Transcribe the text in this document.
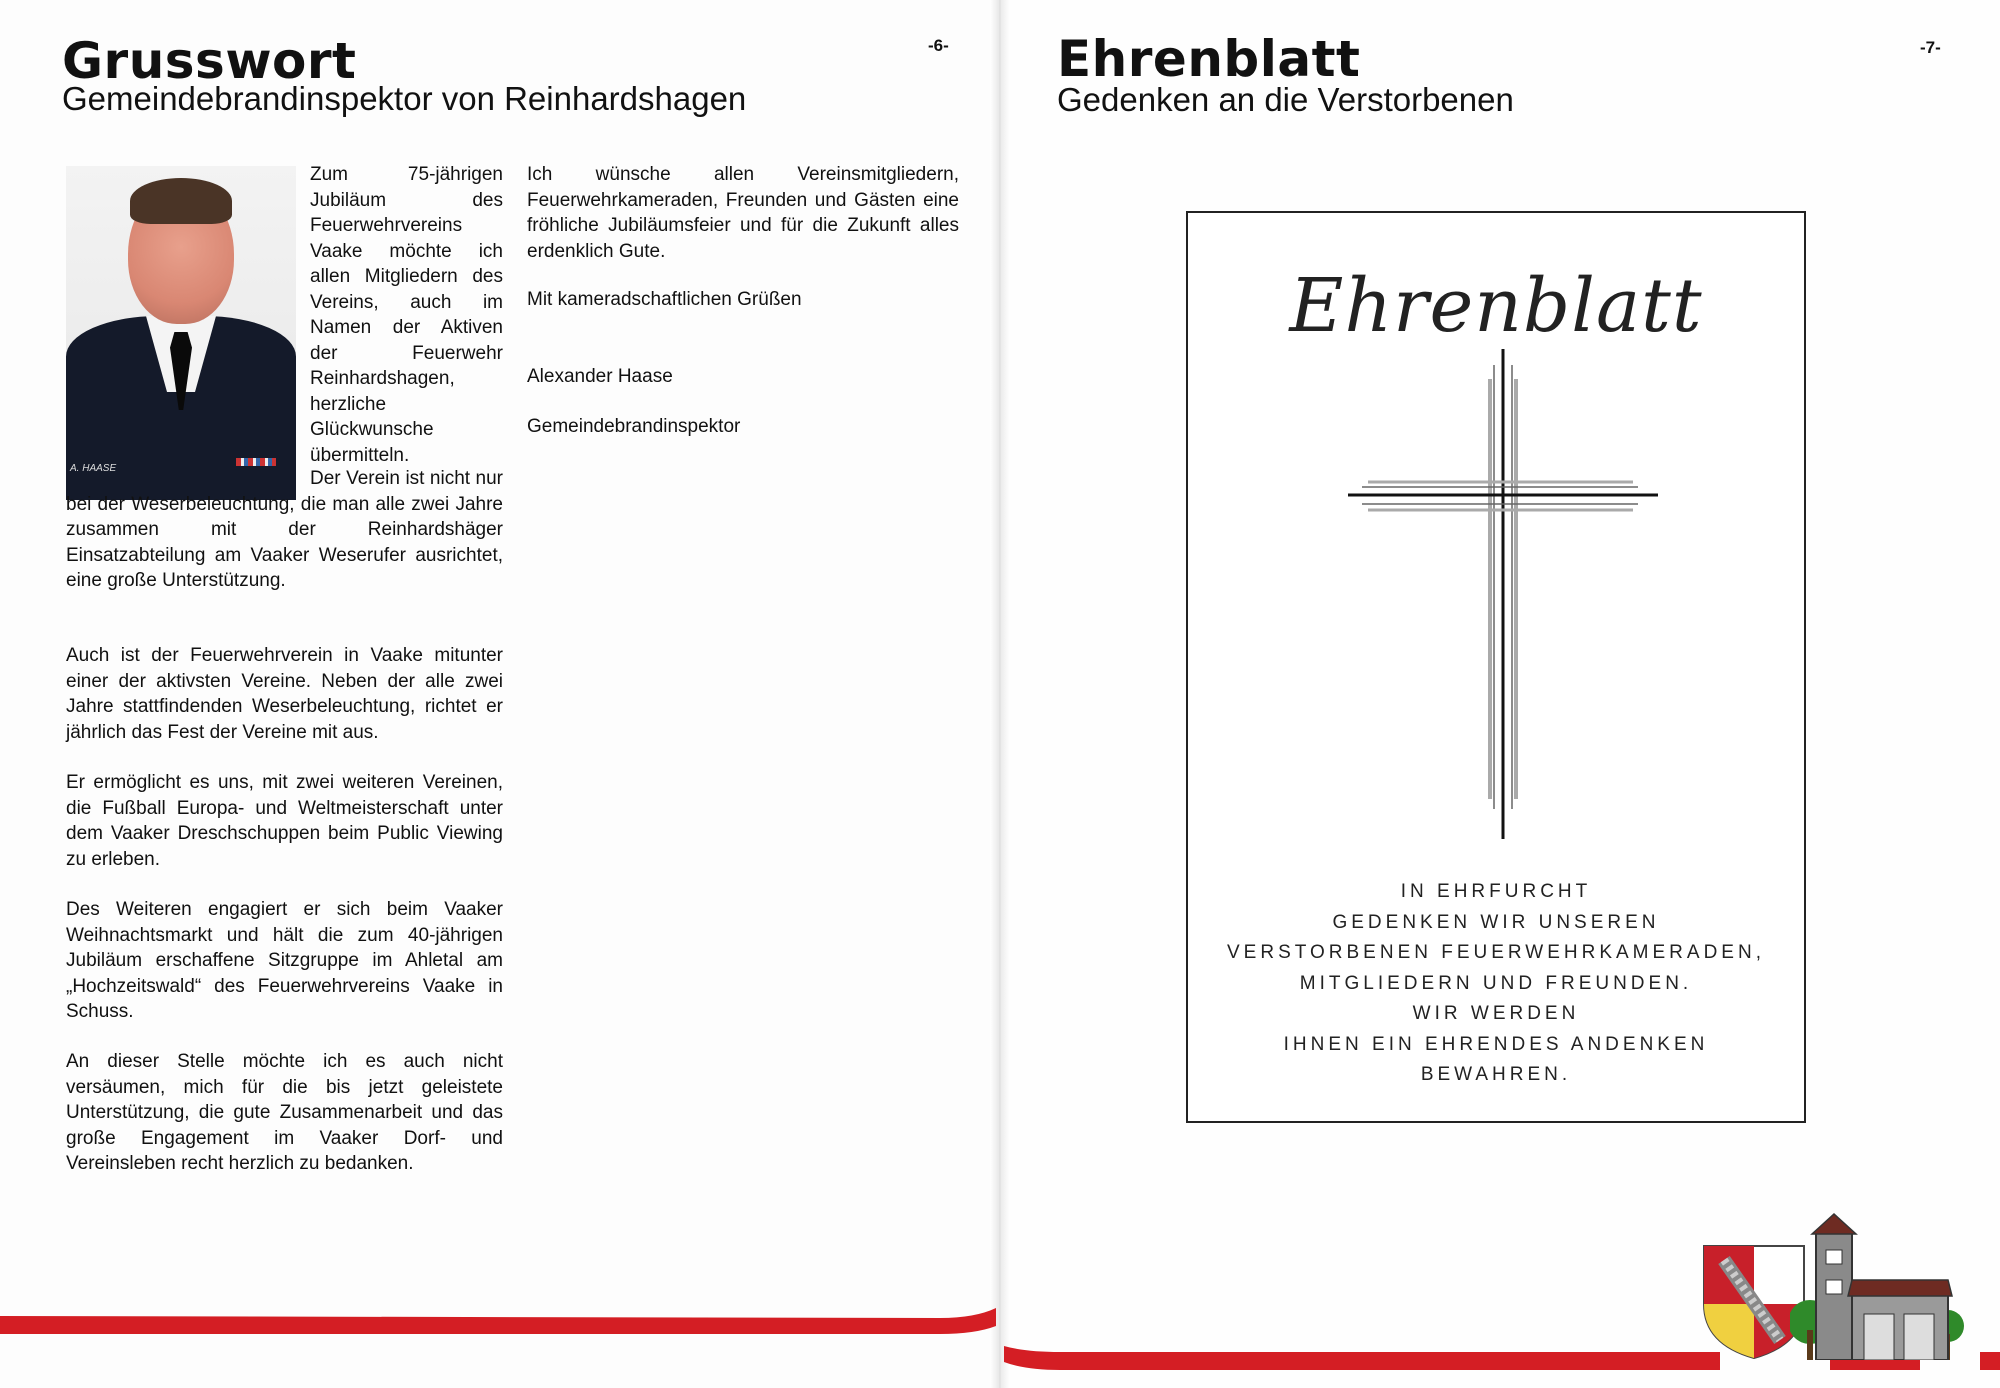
Grusswort
Gemeindebrandinspektor von Reinhardshagen
-6-
A. HAASE

Zum 75-jährigen Jubiläum des Feuerwehrvereins Vaake möchte ich allen Mitgliedern des Vereins, auch im Namen der Aktiven der Feuerwehr Reinhardshagen, herzliche Glückwunsche übermitteln.

Der Verein ist nicht nur bei der Weserbeleuchtung, die man alle zwei Jahre zusammen mit der Reinhardshäger Einsatzabteilung am Vaaker Weserufer ausrichtet, eine große Unterstützung.

Auch ist der Feuerwehrverein in Vaake mitunter einer der aktivsten Vereine. Neben der alle zwei Jahre stattfindenden Weserbeleuchtung, richtet er jährlich das Fest der Vereine mit aus.

Er ermöglicht es uns, mit zwei weiteren Vereinen, die Fußball Europa- und Weltmeisterschaft unter dem Vaaker Dreschschuppen beim Public Viewing zu erleben.

Des Weiteren engagiert er sich beim Vaaker Weihnachtsmarkt und hält die zum 40-jährigen Jubiläum erschaffene Sitzgruppe im Ahletal am „Hochzeitswald“ des Feuerwehrvereins Vaake in Schuss.

An dieser Stelle möchte ich es auch nicht versäumen, mich für die bis jetzt geleistete Unterstützung, die gute Zusammenarbeit und das große Engagement im Vaaker Dorf- und Vereinsleben recht herzlich zu bedanken.

Ich wünsche allen Vereinsmitgliedern, Feuerwehrkameraden, Freunden und Gästen eine fröhliche Jubiläumsfeier und für die Zukunft alles erdenklich Gute.

Mit kameradschaftlichen Grüßen

Alexander Haase

Gemeindebrandinspektor

Ehrenblatt
Gedenken an die Verstorbenen
-7-
Ehrenblatt
IN EHRFURCHT
GEDENKEN WIR UNSEREN
VERSTORBENEN FEUERWEHRKAMERADEN,
MITGLIEDERN UND FREUNDEN.
WIR WERDEN
IHNEN EIN EHRENDES ANDENKEN
BEWAHREN.
